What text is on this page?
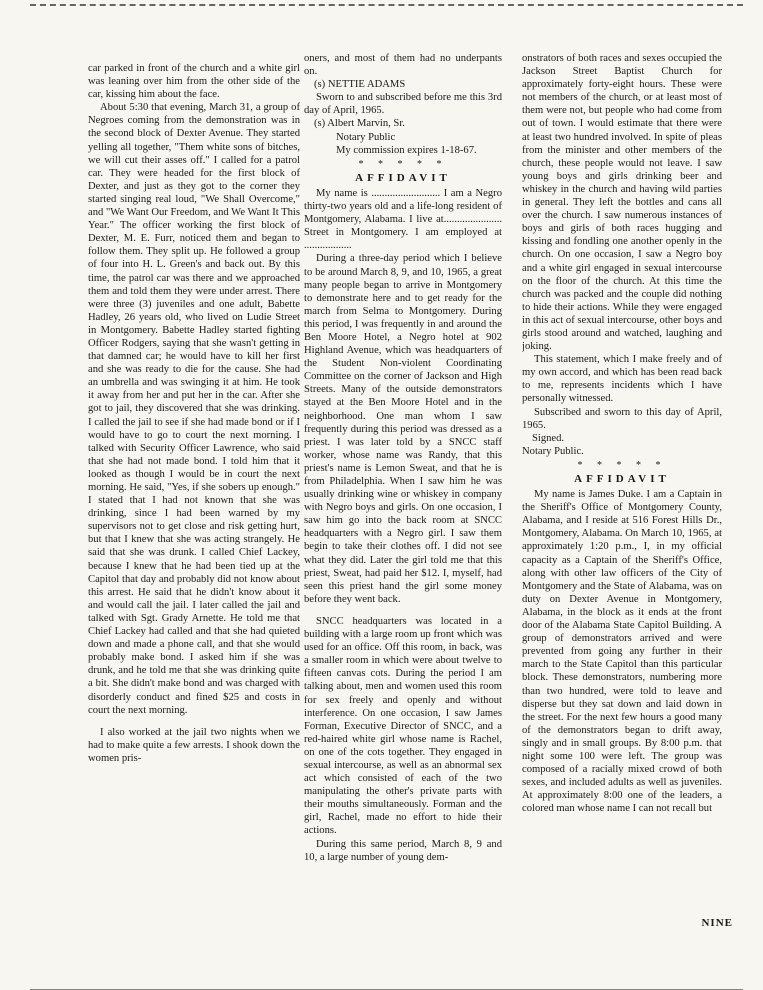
car parked in front of the church and a white girl was leaning over him from the other side of the car, kissing him about the face.

About 5:30 that evening, March 31, a group of Negroes coming from the demonstration was in the second block of Dexter Avenue. They started yelling all together, "Them white sons of bitches, we will cut their asses off." I called for a patrol car. They were headed for the first block of Dexter, and just as they got to the corner they started singing real loud, "We Shall Overcome," and "We Want Our Freedom, and We Want It This Year." The officer working the first block of Dexter, M. E. Furr, noticed them and began to follow them. They split up. He followed a group of four into H. L. Green's and back out. By this time, the patrol car was there and we approached them and told them they were under arrest. There were three (3) juveniles and one adult, Babette Hadley, 26 years old, who lived on Ludie Street in Montgomery. Babette Hadley started fighting Officer Rodgers, saying that she wasn't getting in that damned car; he would have to kill her first and she was ready to die for the cause. She had an umbrella and was swinging it at him. He took it away from her and put her in the car. After she got to jail, they discovered that she was drinking. I called the jail to see if she had made bond or if I would have to go to court the next morning. I talked with Security Officer Lawrence, who said that she had not made bond. I told him that it looked as though I would be in court the next morning. He said, "Yes, if she sobers up enough." I stated that I had not known that she was drinking, since I had been warned by my supervisors not to get close and risk getting hurt, but that I knew that she was acting strangely. He said that she was drunk. I called Chief Lackey, because I knew that he had been tied up at the Capitol that day and probably did not know about this arrest. He said that he didn't know about it and would call the jail. I later called the jail and talked with Sgt. Grady Arnette. He told me that Chief Lackey had called and that she had quieted down and made a phone call, and that she would probably make bond. I asked him if she was drunk, and he told me that she was drinking quite a bit. She didn't make bond and was charged with disorderly conduct and fined $25 and costs in court the next morning.

I also worked at the jail two nights when we had to make quite a few arrests. I shook down the women pris-

oners, and most of them had no underpants on.

(s) NETTIE ADAMS

Sworn to and subscribed before me this 3rd day of April, 1965.

(s) Albert Marvin, Sr.

Notary Public

My commission expires 1-18-67.

* * * * *
AFFIDAVIT

My name is .......................... I am a Negro thirty-two years old and a life-long resident of Montgomery, Alabama. I live at...................... Street in Montgomery. I am employed at ..................

During a three-day period which I believe to be around March 8, 9, and 10, 1965, a great many people began to arrive in Montgomery to demonstrate here and to get ready for the march from Selma to Montgomery. During this period, I was frequently in and around the Ben Moore Hotel, a Negro hotel at 902 Highland Avenue, which was headquarters of the Student Non-violent Coordinating Committee on the corner of Jackson and High Streets. Many of the outside demonstrators stayed at the Ben Moore Hotel and in the neighborhood. One man whom I saw frequently during this period was dressed as a priest. I was later told by a SNCC staff worker, whose name was Randy, that this priest's name is Lemon Sweat, and that he is from Philadelphia. When I saw him he was usually drinking wine or whiskey in company with Negro boys and girls. On one occasion, I saw him go into the back room at SNCC headquarters with a Negro girl. I saw them begin to take their clothes off. I did not see what they did. Later the girl told me that this priest, Sweat, had paid her $12. I, myself, had seen this priest hand the girl some money before they went back.

SNCC headquarters was located in a building with a large room up front which was used for an office. Off this room, in back, was a smaller room in which were about twelve to fifteen canvas cots. During the period I am talking about, men and women used this room for sex freely and openly and without interference. On one occasion, I saw James Forman, Executive Director of SNCC, and a red-haired white girl whose name is Rachel, on one of the cots together. They engaged in sexual intercourse, as well as an abnormal sex act which consisted of each of the two manipulating the other's private parts with their mouths simultaneously. Forman and the girl, Rachel, made no effort to hide their actions.

During this same period, March 8, 9 and 10, a large number of young dem-

onstrators of both races and sexes occupied the Jackson Street Baptist Church for approximately forty-eight hours. These were not members of the church, or at least most of them were not, but people who had come from out of town. I would estimate that there were at least two hundred involved. In spite of pleas from the minister and other members of the church, these people would not leave. I saw young boys and girls drinking beer and whiskey in the church and having wild parties in general. They left the bottles and cans all over the church. I saw numerous instances of boys and girls of both races hugging and kissing and fondling one another openly in the church. On one occasion, I saw a Negro boy and a white girl engaged in sexual intercourse on the floor of the church. At this time the church was packed and the couple did nothing to hide their actions. While they were engaged in this act of sexual intercourse, other boys and girls stood around and watched, laughing and joking.

This statement, which I make freely and of my own accord, and which has been read back to me, represents incidents which I have personally witnessed.

Subscribed and sworn to this day of April, 1965.

Signed.

Notary Public.

* * * * *
AFFIDAVIT

My name is James Duke. I am a Captain in the Sheriff's Office of Montgomery County, Alabama, and I reside at 516 Forest Hills Dr., Montgomery, Alabama. On March 10, 1965, at approximately 1:20 p.m., I, in my official capacity as a Captain of the Sheriff's Office, along with other law officers of the City of Montgomery and the State of Alabama, was on duty on Dexter Avenue in Montgomery, Alabama, in the block as it ends at the front door of the Alabama State Capitol Building. A group of demonstrators arrived and were prevented from going any further in their march to the State Capitol than this particular block. These demonstrators, numbering more than two hundred, were told to leave and disperse but they sat down and laid down in the street. For the next few hours a good many of the demonstrators began to drift away, singly and in small groups. By 8:00 p.m. that night some 100 were left. The group was composed of a racially mixed crowd of both sexes, and included adults as well as juveniles. At approximately 8:00 one of the leaders, a colored man whose name I can not recall but

NINE
